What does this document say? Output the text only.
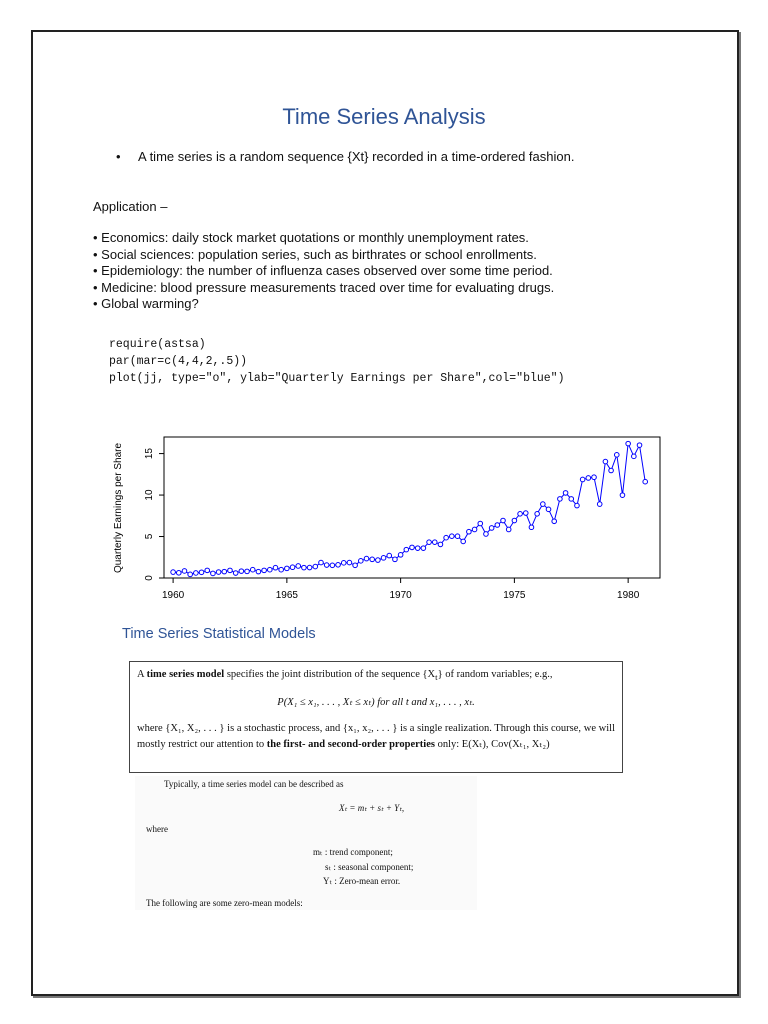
Time Series Analysis
• A time series is a random sequence {Xt} recorded in a time-ordered fashion.
Application –
• Economics: daily stock market quotations or monthly unemployment rates.
• Social sciences: population series, such as birthrates or school enrollments.
• Epidemiology: the number of influenza cases observed over some time period.
• Medicine: blood pressure measurements traced over time for evaluating drugs.
• Global warming?
require(astsa)
par(mar=c(4,4,2,.5))
plot(jj, type="o", ylab="Quarterly Earnings per Share",col="blue")
Quarterly Earnings per Share
1960	1965	1970	1975	1980
0
5
10
15
Time Series Statistical Models
A time series model specifies the joint distribution of the sequence $\{X_t\}$ of random variables; e.g.,
P(X₁ ≤ x₁, . . . , Xₜ ≤ xₜ) for all t and x₁, . . . , xₜ.
where {X₁, X₂, . . . } is a stochastic process, and {x₁, x₂, . . . } is a single realization. Through this course, we will mostly restrict our attention to the first- and second-order properties only: E(Xₜ), Cov(Xₜ₁, Xₜ₂)
Typically, a time series model can be described as
Xₜ = mₜ + sₜ + Yₜ,
where
mₜ : trend component;
sₜ : seasonal component;
Yₜ : Zero-mean error.
The following are some zero-mean models:
